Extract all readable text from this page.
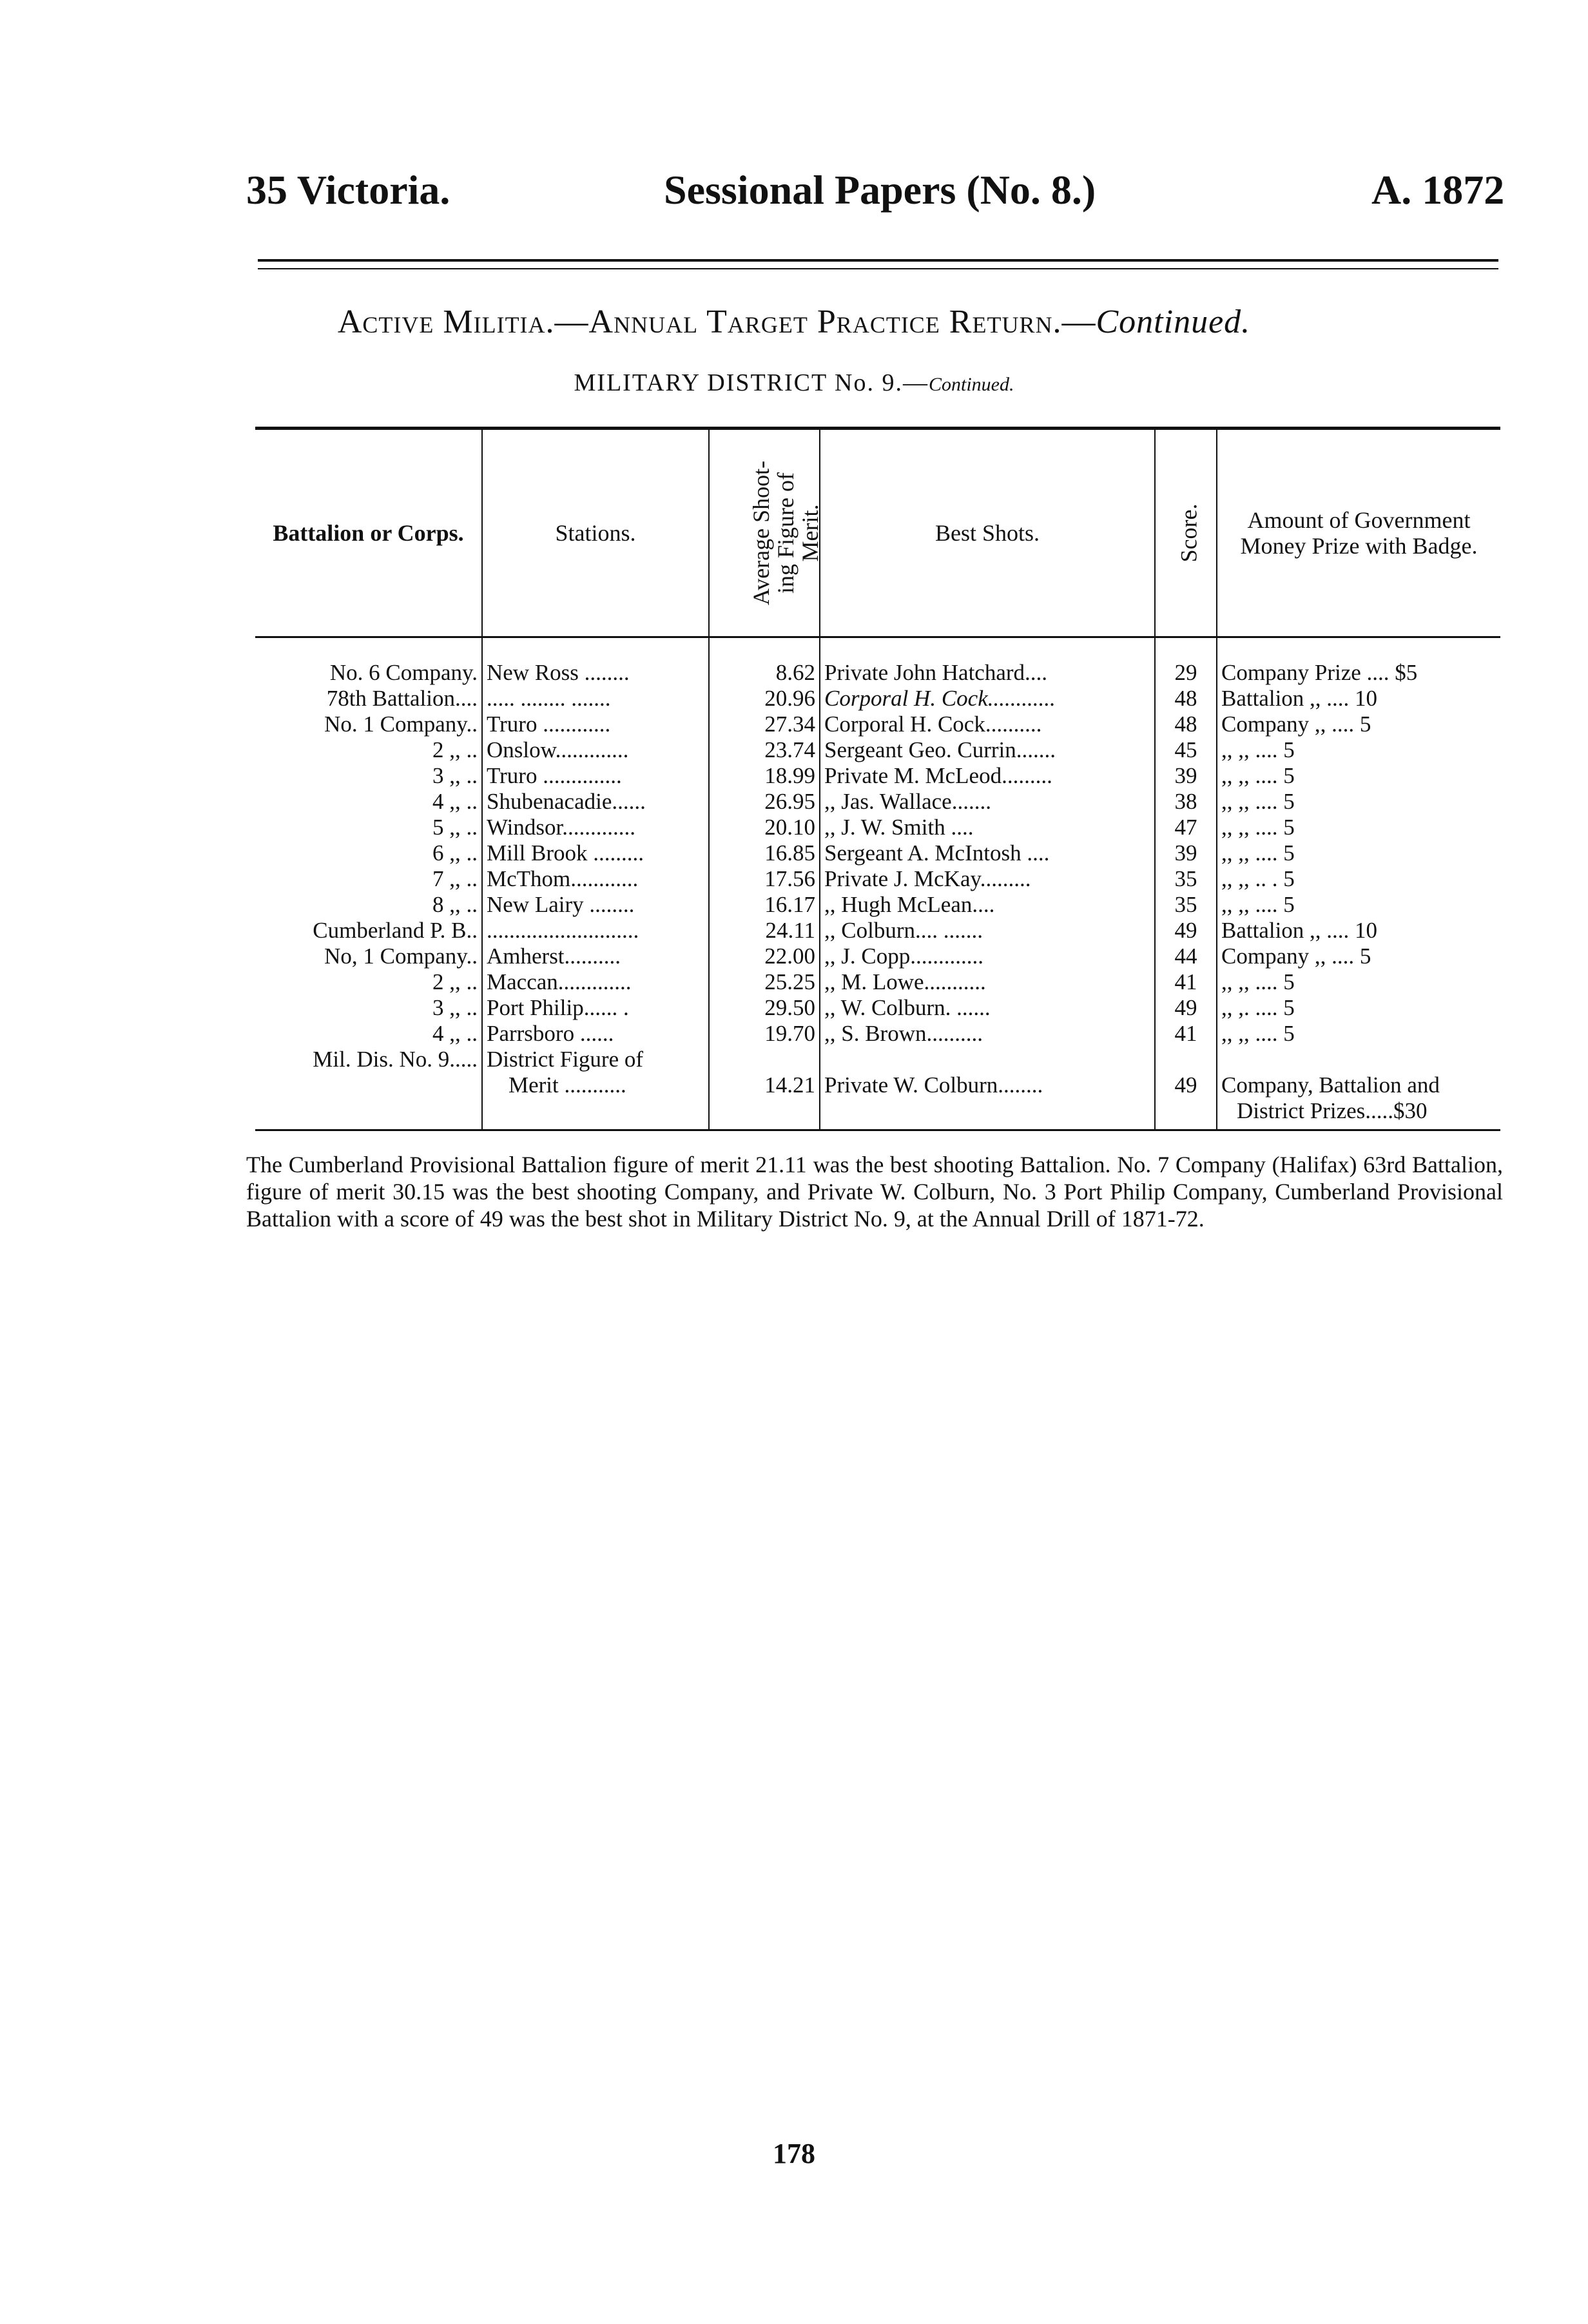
35 Victoria.	Sessional Papers (No. 8.)	A. 1872
Active Militia.—Annual Target Practice Return.—Continued.
MILITARY DISTRICT No. 9.—Continued.
Battalion or Corps.	Stations.	Average Shoot-
ing Figure of
Merit.	Best Shots.	Score.	Amount of Government Money Prize with Badge.
No. 6 Company.	New Ross ........	8.62	Private John Hatchard....	29	Company Prize .... $5
78th Battalion....	..... ........ .......	20.96	Corporal H. Cock............	48	Battalion ,, .... 10
No. 1 Company..	Truro ............	27.34	Corporal H. Cock..........	48	Company ,, .... 5
2 ,, ..	Onslow.............	23.74	Sergeant Geo. Currin.......	45	,, ,, .... 5
3 ,, ..	Truro ..............	18.99	Private M. McLeod.........	39	,, ,, .... 5
4 ,, ..	Shubenacadie......	26.95	,, Jas. Wallace.......	38	,, ,, .... 5
5 ,, ..	Windsor.............	20.10	,, J. W. Smith ....	47	,, ,, .... 5
6 ,, ..	Mill Brook .........	16.85	Sergeant A. McIntosh ....	39	,, ,, .... 5
7 ,, ..	McThom............	17.56	Private J. McKay.........	35	,, ,, .. . 5
8 ,, ..	New Lairy ........	16.17	,, Hugh McLean....	35	,, ,, .... 5
Cumberland P. B..	...........................	24.11	,, Colburn.... .......	49	Battalion ,, .... 10
No, 1 Company..	Amherst..........	22.00	,, J. Copp.............	44	Company ,, .... 5
2 ,, ..	Maccan.............	25.25	,, M. Lowe...........	41	,, ,, .... 5
3 ,, ..	Port Philip...... .	29.50	,, W. Colburn. ......	49	,, ,. .... 5
4 ,, ..	Parrsboro ......	19.70	,, S. Brown..........	41	,, ,, .... 5
Mil. Dis. No. 9.....	District Figure of				
	Merit ...........	14.21	Private W. Colburn........	49	Company, Battalion and
					District Prizes.....$30
The Cumberland Provisional Battalion figure of merit 21.11 was the best shooting Battalion. No. 7 Company (Halifax) 63rd Battalion, figure of merit 30.15 was the best shooting Company, and Private W. Colburn, No. 3 Port Philip Company, Cumberland Provisional Battalion with a score of 49 was the best shot in Military District No. 9, at the Annual Drill of 1871-72.
178
